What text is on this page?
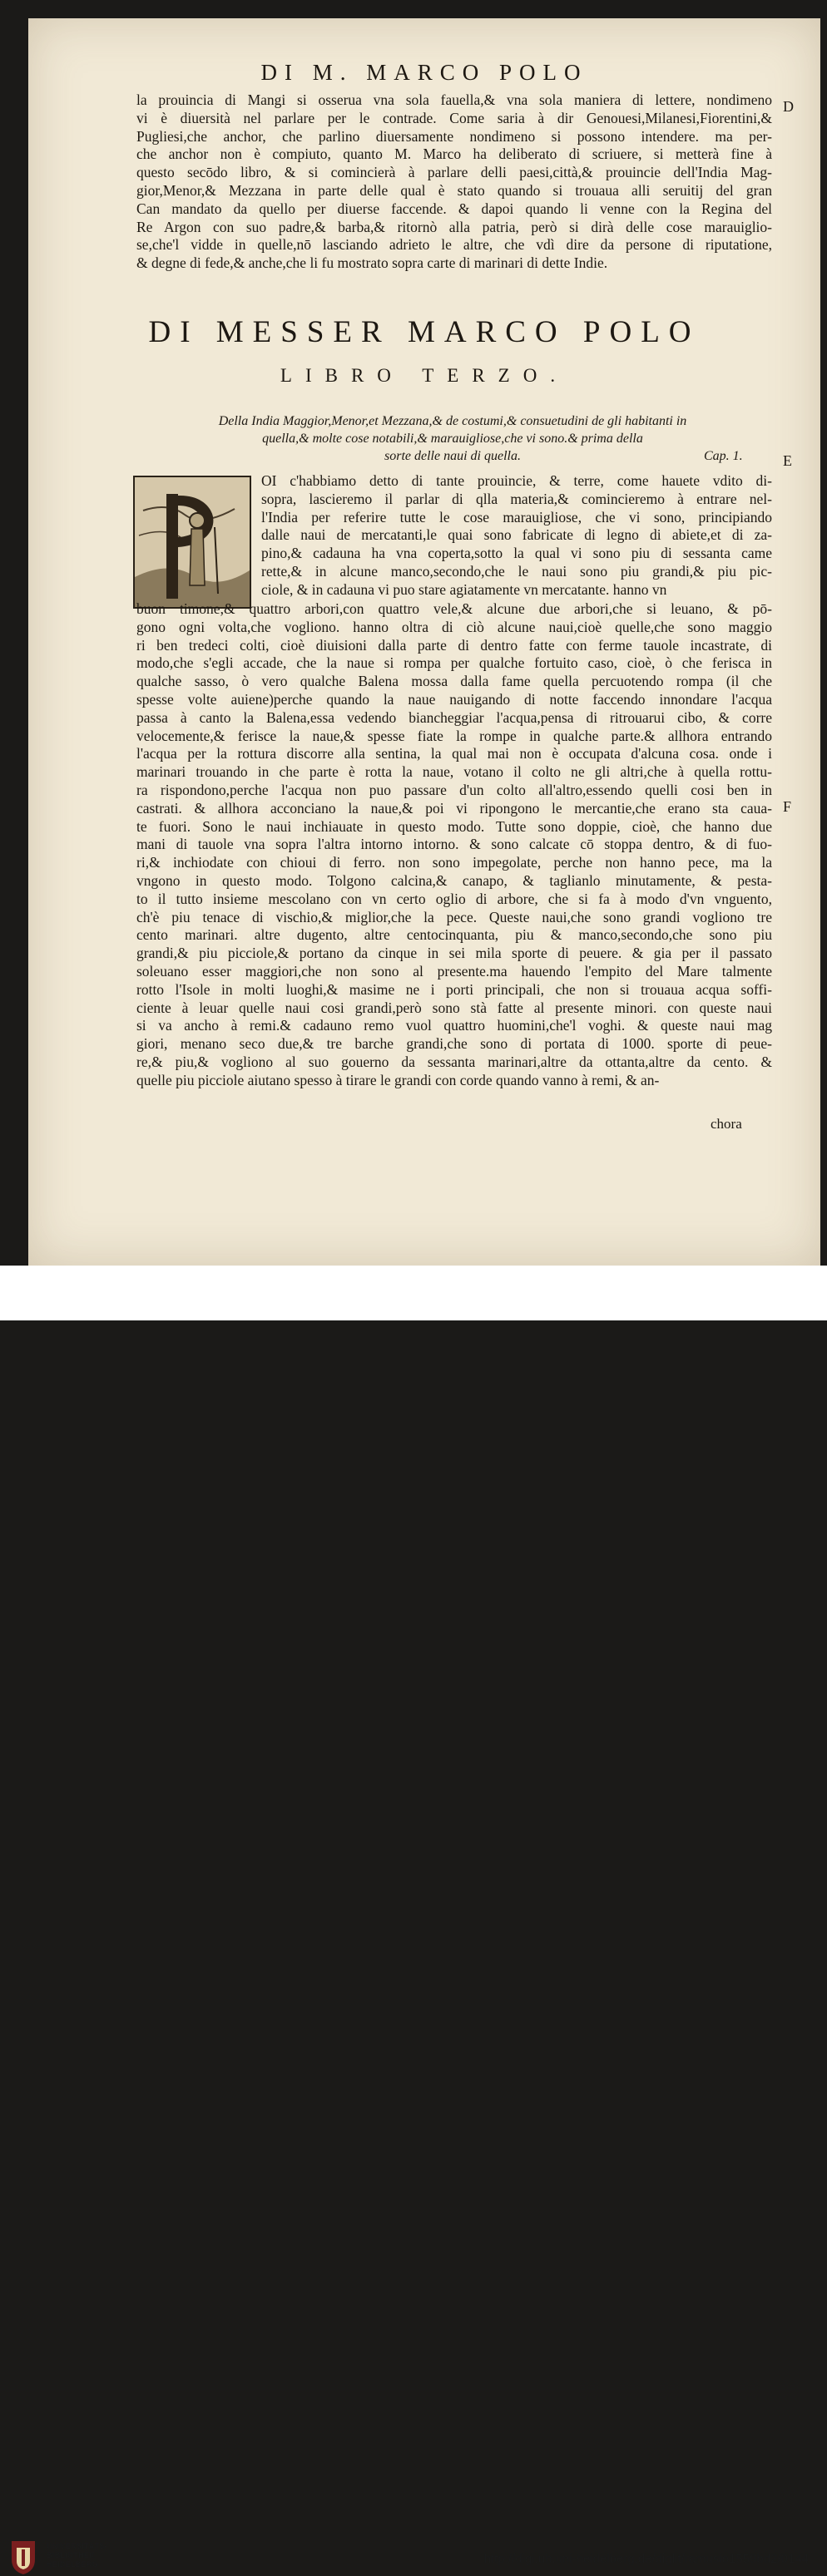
DI M. MARCO POLO
la prouincia di Mangi si osserua vna sola fauella,& vna sola maniera di lettere, nondimeno
vi è diuersità nel parlare per le contrade. Come saria à dir Genouesi,Milanesi,Fiorentini,&
Pugliesi,che anchor, che parlino diuersamente nondimeno si possono intendere. ma per-
che anchor non è compiuto, quanto M. Marco ha deliberato di scriuere, si metterà fine à
questo secōdo libro, & si comincierà à parlare delli paesi,città,& prouincie dell'India Mag-
gior,Menor,& Mezzana in parte delle qual è stato quando si trouaua alli seruitij del gran
Can mandato da quello per diuerse faccende. & dapoi quando li venne con la Regina del
Re Argon con suo padre,& barba,& ritornò alla patria, però si dirà delle cose marauiglio-
se,che'l vidde in quelle,nō lasciando adrieto le altre, che vdì dire da persone di riputatione,
& degne di fede,& anche,che li fu mostrato sopra carte di marinari di dette Indie.
DI MESSER MARCO POLO
LIBRO TERZO.
Della India Maggior,Menor,et Mezzana,& de costumi,& consuetudini de gli habitanti in
quella,& molte cose notabili,& marauigliose,che vi sono.& prima della
sorte delle naui di quella.	Cap. 1.
D
E
F
OI c'habbiamo detto di tante prouincie, & terre, come hauete vdito di-
sopra, lascieremo il parlar di qlla materia,& comincieremo à entrare nel-
l'India per referire tutte le cose marauigliose, che vi sono, principiando
dalle naui de mercatanti,le quai sono fabricate di legno di abiete,et di za-
pino,& cadauna ha vna coperta,sotto la qual vi sono piu di sessanta came
rette,& in alcune manco,secondo,che le naui sono piu grandi,& piu pic-
ciole, & in cadauna vi puo stare agiatamente vn mercatante. hanno vn
buon timone,& quattro arbori,con quattro vele,& alcune due arbori,che si leuano, & pō-
gono ogni volta,che vogliono. hanno oltra di ciò alcune naui,cioè quelle,che sono maggio
ri ben tredeci colti, cioè diuisioni dalla parte di dentro fatte con ferme tauole incastrate, di
modo,che s'egli accade, che la naue si rompa per qualche fortuito caso, cioè, ò che ferisca in
qualche sasso, ò vero qualche Balena mossa dalla fame quella percuotendo rompa (il che
spesse volte auiene)perche quando la naue nauigando di notte faccendo innondare l'acqua
passa à canto la Balena,essa vedendo biancheggiar l'acqua,pensa di ritrouarui cibo, & corre
velocemente,& ferisce la naue,& spesse fiate la rompe in qualche parte.& allhora entrando
l'acqua per la rottura discorre alla sentina, la qual mai non è occupata d'alcuna cosa. onde i
marinari trouando in che parte è rotta la naue, votano il colto ne gli altri,che à quella rottu-
ra rispondono,perche l'acqua non puo passare d'un colto all'altro,essendo quelli cosi ben in
castrati. & allhora acconciano la naue,& poi vi ripongono le mercantie,che erano sta caua-
te fuori. Sono le naui inchiauate in questo modo. Tutte sono doppie, cioè, che hanno due
mani di tauole vna sopra l'altra intorno intorno. & sono calcate cō stoppa dentro, & di fuo-
ri,& inchiodate con chioui di ferro. non sono impegolate, perche non hanno pece, ma la
vngono in questo modo. Tolgono calcina,& canapo, & taglianlo minutamente, & pesta-
to il tutto insieme mescolano con vn certo oglio di arbore, che si fa à modo d'vn vnguento,
ch'è piu tenace di vischio,& miglior,che la pece. Queste naui,che sono grandi vogliono tre
cento marinari. altre dugento, altre centocinquanta, piu & manco,secondo,che sono piu
grandi,& piu picciole,& portano da cinque in sei mila sporte di peuere. & gia per il passato
soleuano esser maggiori,che non sono al presente.ma hauendo l'empito del Mare talmente
rotto l'Isole in molti luoghi,& masime ne i porti principali, che non si trouaua acqua soffi-
ciente à leuar quelle naui cosi grandi,però sono stà fatte al presente minori. con queste naui
si va ancho à remi.& cadauno remo vuol quattro huomini,che'l voghi. & queste naui mag
giori, menano seco due,& tre barche grandi,che sono di portata di 1000. sporte di peue-
re,& piu,& vogliono al suo gouerno da sessanta marinari,altre da ottanta,altre da cento. &
quelle piu picciole aiutano spesso à tirare le grandi con corde quando vanno à remi, & an-
chora
UNIVERSITÄTS-
BIBLIOTHEK
HEIDELBERG	http://digi.ub.uni-heidelberg.de/diglit/ramusio1559bd2/0144
